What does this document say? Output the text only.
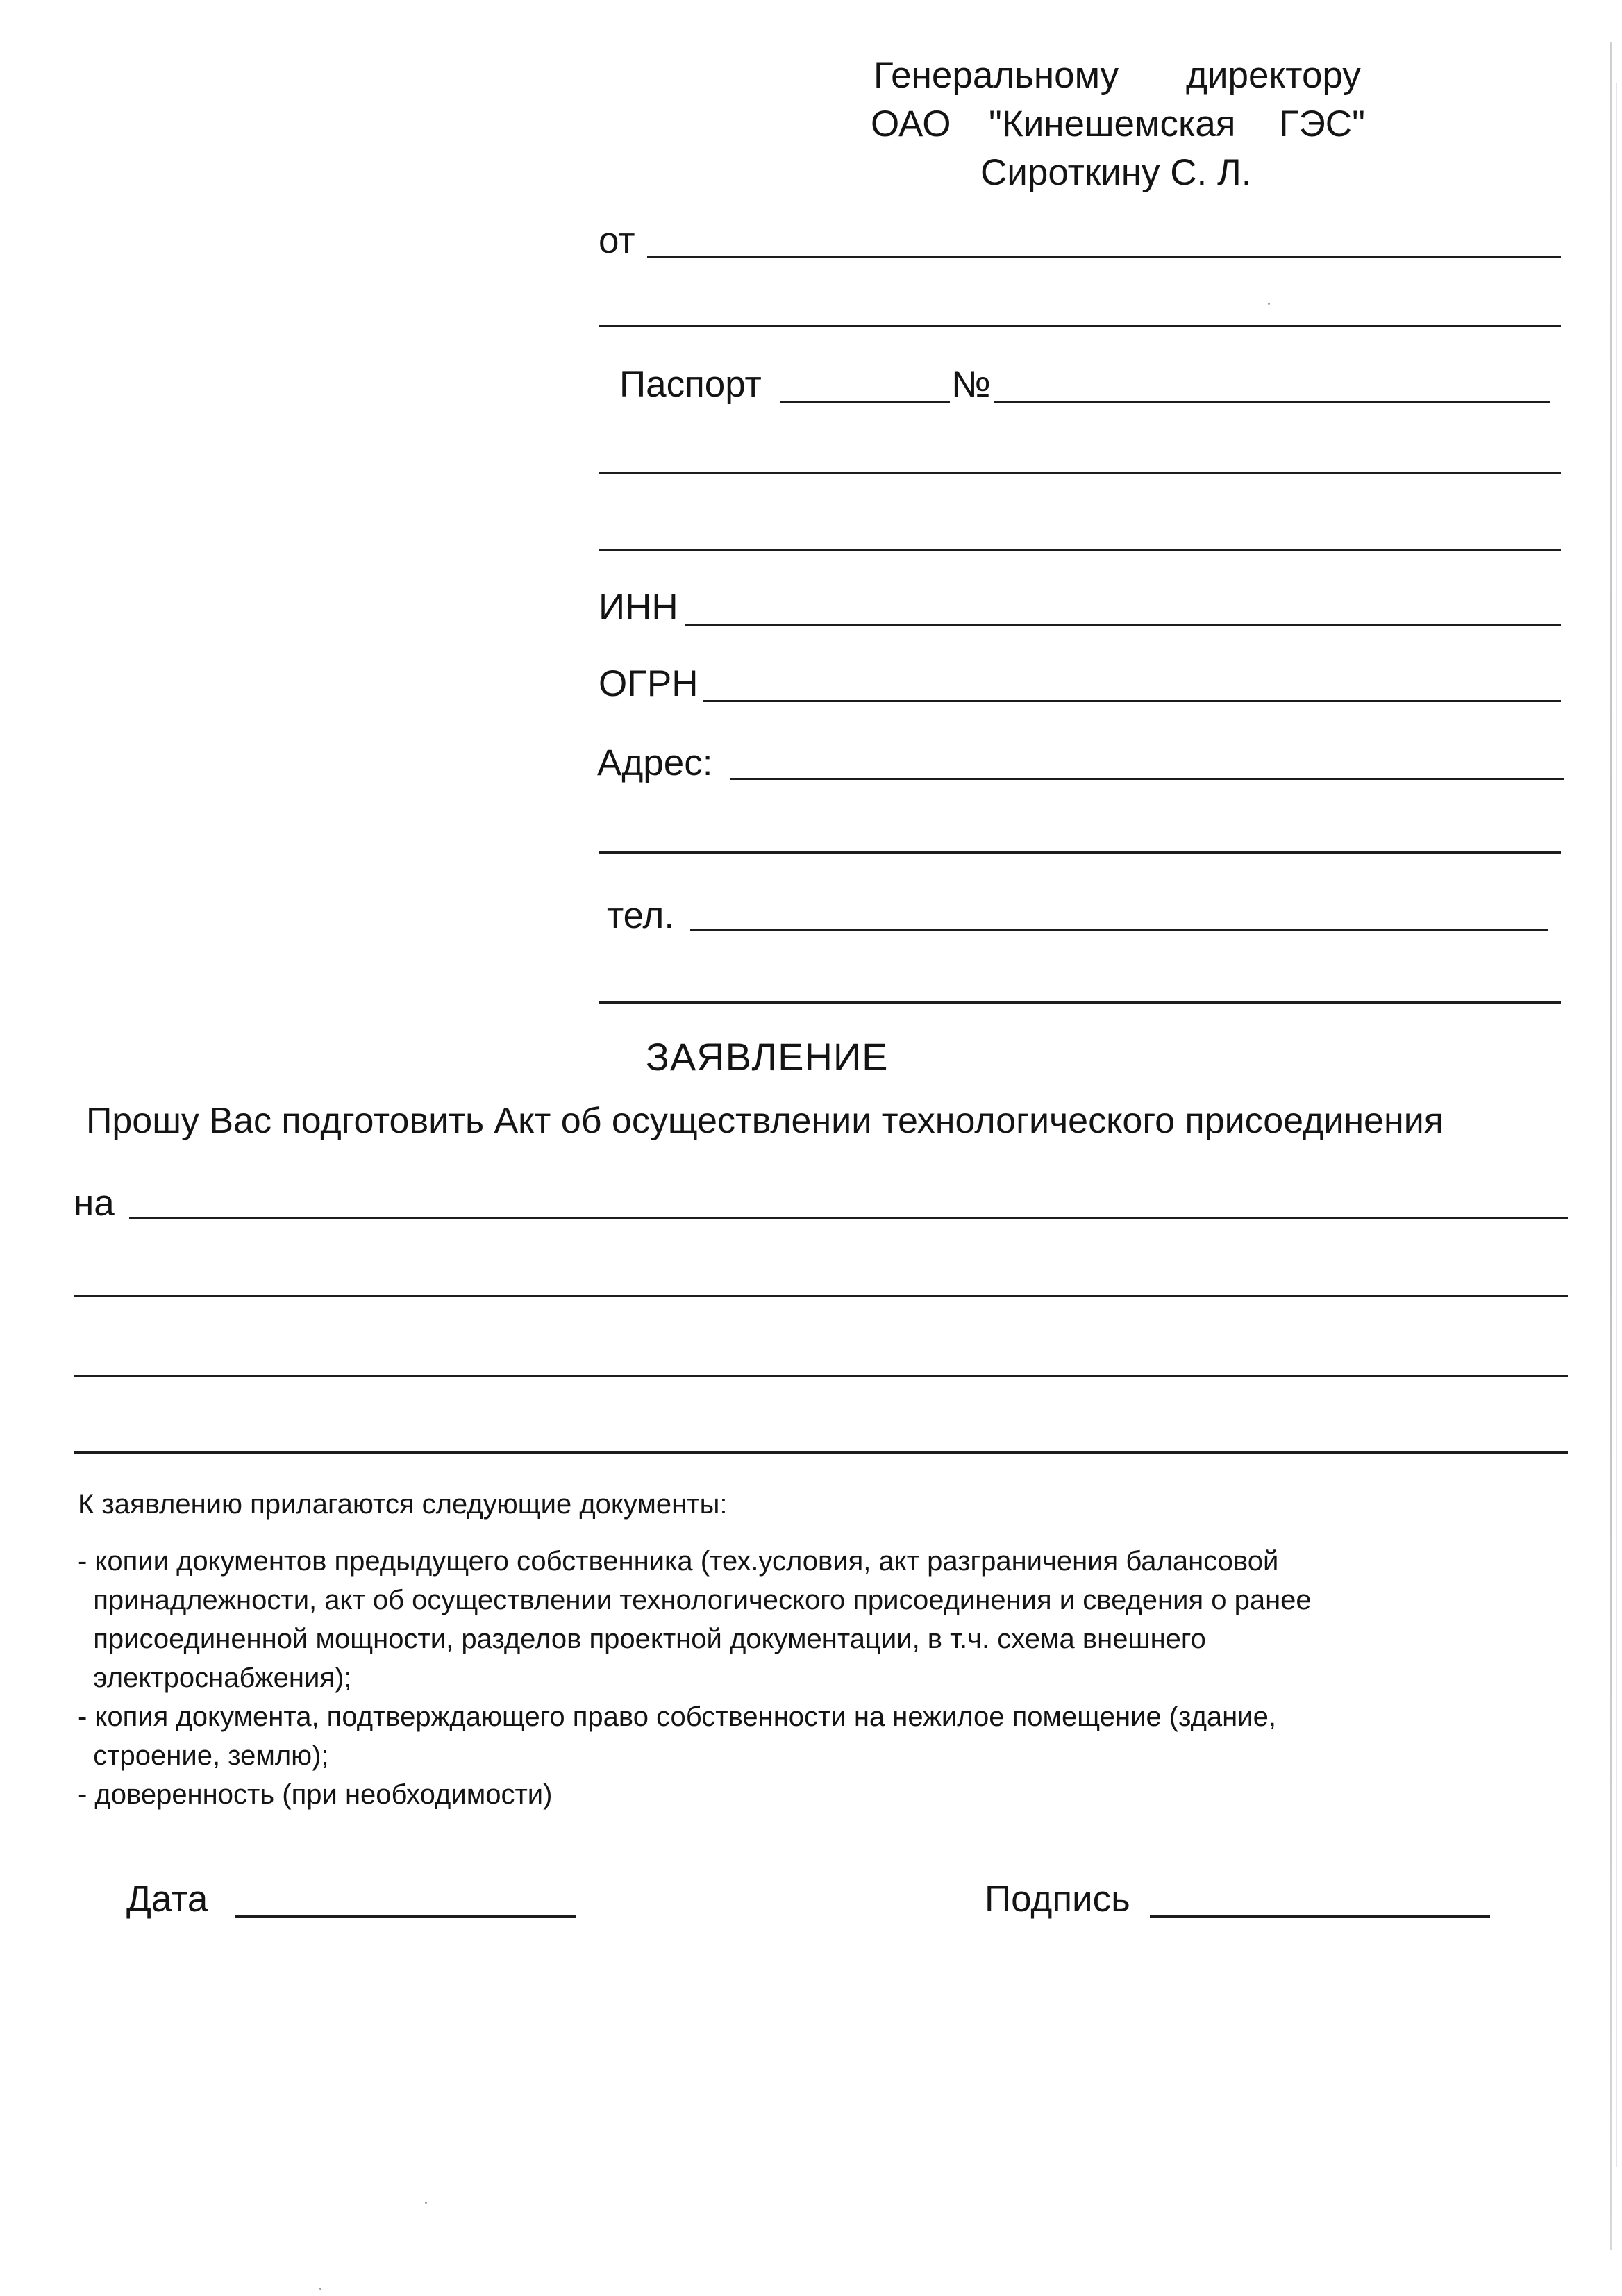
Генеральному директору
ОАО "Кинешемская ГЭС"
Сироткину С. Л.
от
Паспорт	№
ИНН
ОГРН
Адрес:
тел.
ЗАЯВЛЕНИЕ
Прошу Вас подготовить Акт об осуществлении технологического присоединения
на
К заявлению прилагаются следующие документы:
- копии документов предыдущего собственника (тех.условия, акт разграничения балансовой
принадлежности, акт об осуществлении технологического присоединения и сведения о ранее
присоединенной мощности, разделов проектной документации, в т.ч. схема внешнего
электроснабжения);
- копия документа, подтверждающего право собственности на нежилое помещение (здание,
строение, землю);
- доверенность (при необходимости)
Дата	Подпись
